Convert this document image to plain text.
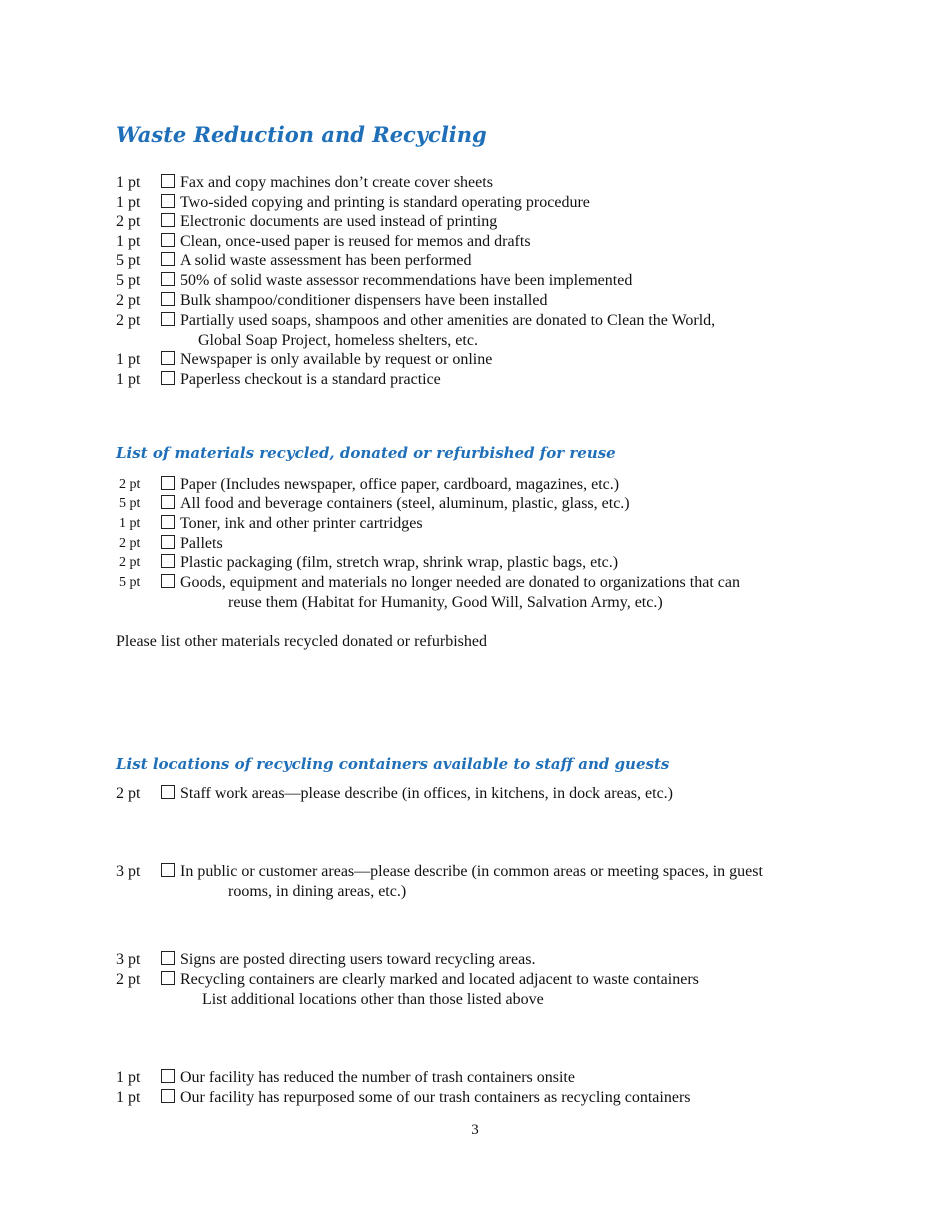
Waste Reduction and Recycling
1 pt	Fax and copy machines don’t create cover sheets
1 pt	Two-sided copying and printing is standard operating procedure
2 pt	Electronic documents are used instead of printing
1 pt	Clean, once-used paper is reused for memos and drafts
5 pt	A solid waste assessment has been performed
5 pt	50% of solid waste assessor recommendations have been implemented
2 pt	Bulk shampoo/conditioner dispensers have been installed
2 pt	Partially used soaps, shampoos and other amenities are donated to Clean the World,
Global Soap Project, homeless shelters, etc.
1 pt	Newspaper is only available by request or online
1 pt	Paperless checkout is a standard practice
List of materials recycled, donated or refurbished for reuse
2 pt	Paper (Includes newspaper, office paper, cardboard, magazines, etc.)
5 pt	All food and beverage containers (steel, aluminum, plastic, glass, etc.)
1 pt	Toner, ink and other printer cartridges
2 pt	Pallets
2 pt	Plastic packaging (film, stretch wrap, shrink wrap, plastic bags, etc.)
5 pt	Goods, equipment and materials no longer needed are donated to organizations that can
reuse them (Habitat for Humanity, Good Will, Salvation Army, etc.)
Please list other materials recycled donated or refurbished
List locations of recycling containers available to staff and guests
2 pt	Staff work areas—please describe (in offices, in kitchens, in dock areas, etc.)
3 pt	In public or customer areas—please describe (in common areas or meeting spaces, in guest
rooms, in dining areas, etc.)
3 pt	Signs are posted directing users toward recycling areas.
2 pt	Recycling containers are clearly marked and located adjacent to waste containers
List additional locations other than those listed above
1 pt	Our facility has reduced the number of trash containers onsite
1 pt	Our facility has repurposed some of our trash containers as recycling containers
3
